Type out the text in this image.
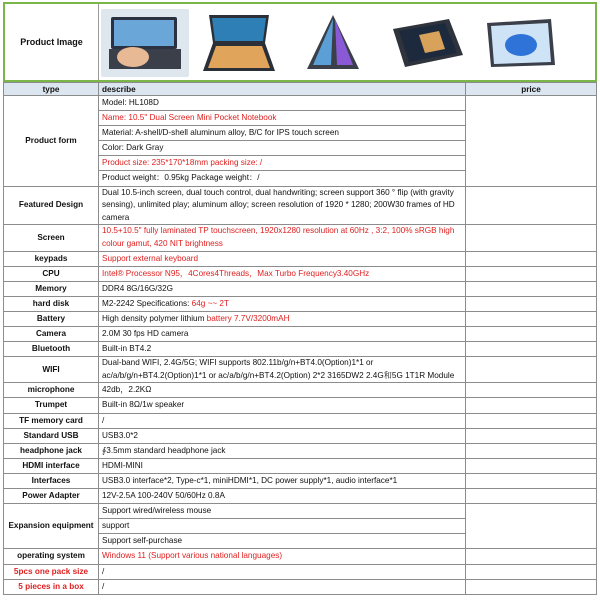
Product Image
type	describe	price
Product form	Model: HL108D	
	Name: 10.5" Dual Screen Mini Pocket Notebook	
	Material: A-shell/D-shell aluminum alloy, B/C for IPS touch screen	
	Color: Dark Gray	
	Product size: 235*170*18mm packing size: /	
	Product weight：0.95kg Package weight：/	
Featured Design	Dual 10.5-inch screen, dual touch control, dual handwriting; screen support 360 ° flip (with gravity sensing), unlimited play; aluminum alloy; screen resolution of 1920 * 1280; 200W30 frames of HD camera	
Screen	10.5+10.5" fully laminated TP touchscreen, 1920x1280 resolution at 60Hz , 3:2, 100% sRGB high colour gamut, 420 NIT brightness	
keypads	Support external keyboard	
CPU	Intel® Processor N95，4Cores4Threads，Max Turbo Frequency3.40GHz	
Memory	DDR4 8G/16G/32G	
hard disk	M2-2242 Specifications: 64g ~~ 2T	
Battery	High density polymer lithium battery 7.7V/3200mAH	
Camera	2.0M 30 fps HD camera	
Bluetooth	Built-in BT4.2	
WIFI	Dual-band WIFI, 2.4G/5G; WIFI supports 802.11b/g/n+BT4.0(Option)1*1 or ac/a/b/g/n+BT4.2(Option)1*1 or ac/a/b/g/n+BT4.2(Option) 2*2 3165DW2 2.4G和5G 1T1R Module	
microphone	42db，2.2KΩ	
Trumpet	Built-in 8Ω/1w speaker	
TF memory card	/	
Standard USB	USB3.0*2	
headphone jack	∮3.5mm standard headphone jack	
HDMI interface	HDMI-MINI	
Interfaces	USB3.0 interface*2, Type-c*1, miniHDMI*1, DC power supply*1, audio interface*1	
Power Adapter	12V-2.5A 100-240V 50/60Hz 0.8A	
Expansion equipment	Support wired/wireless mouse	
	support	
	Support self-purchase	
operating system	Windows 11 (Support various national languages)	
5pcs one pack size	/	
5 pieces in a box	/	
